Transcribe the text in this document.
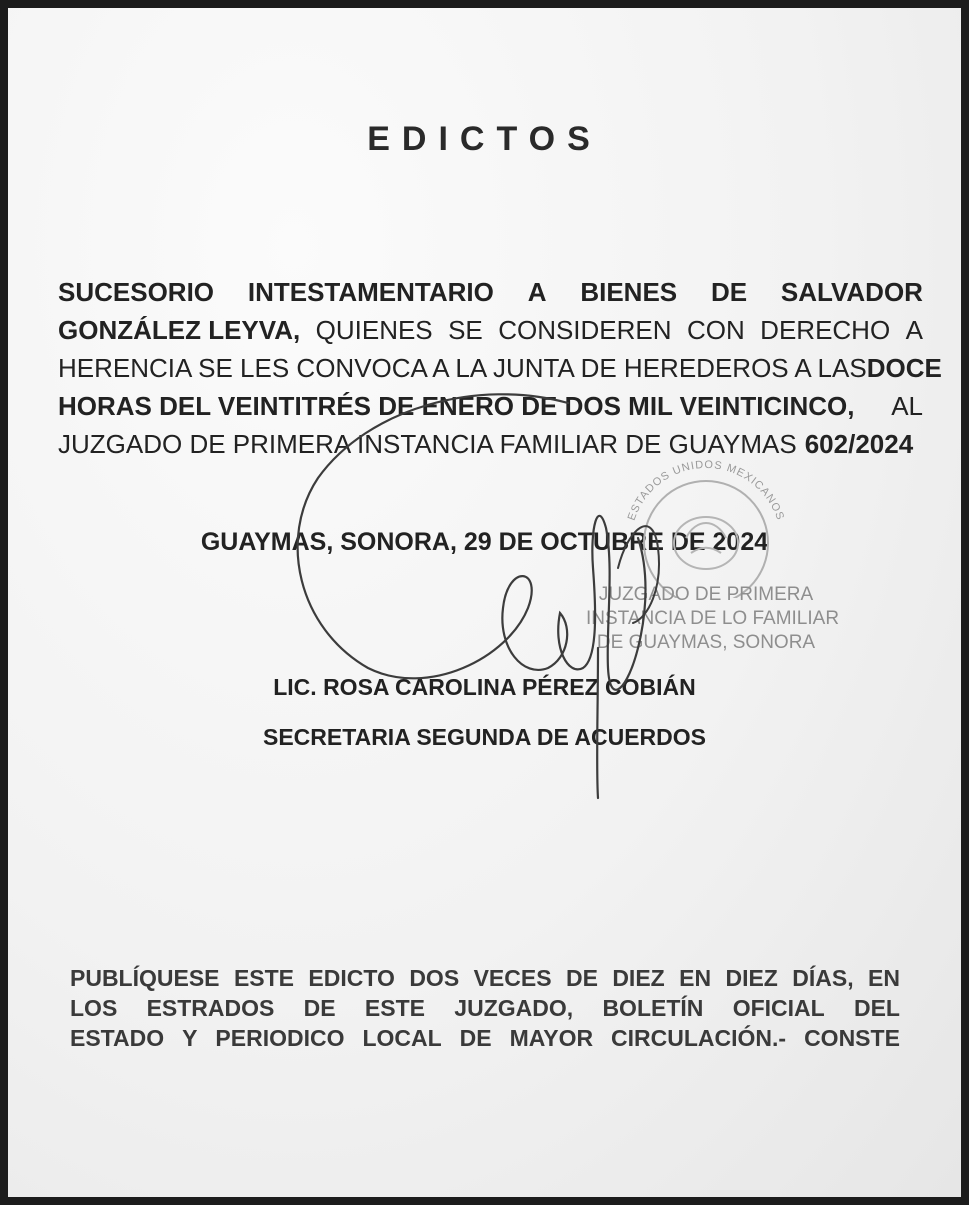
EDICTOS
SUCESORIO INTESTAMENTARIO A BIENES DE SALVADOR
GONZÁLEZ LEYVA, QUIENES SE CONSIDEREN CON DERECHO A
HERENCIA SE LES CONVOCA A LA JUNTA DE HEREDEROS A LAS DOCE
HORAS DEL VEINTITRÉS DE ENERO DE DOS MIL VEINTICINCO, AL
JUZGADO DE PRIMERA INSTANCIA FAMILIAR DE GUAYMAS 602/2024
GUAYMAS, SONORA, 29 DE OCTUBRE DE 2024
ESTADOS UNIDOS MEXICANOS
JUZGADO DE PRIMERA
INSTANCIA DE LO FAMILIAR
DE GUAYMAS, SONORA
LIC. ROSA CAROLINA PÉREZ COBIÁN
SECRETARIA SEGUNDA DE ACUERDOS
PUBLÍQUESE ESTE EDICTO DOS VECES DE DIEZ EN DIEZ DÍAS, EN
LOS ESTRADOS DE ESTE JUZGADO, BOLETÍN OFICIAL DEL
ESTADO Y PERIODICO LOCAL DE MAYOR CIRCULACIÓN.- CONSTE
